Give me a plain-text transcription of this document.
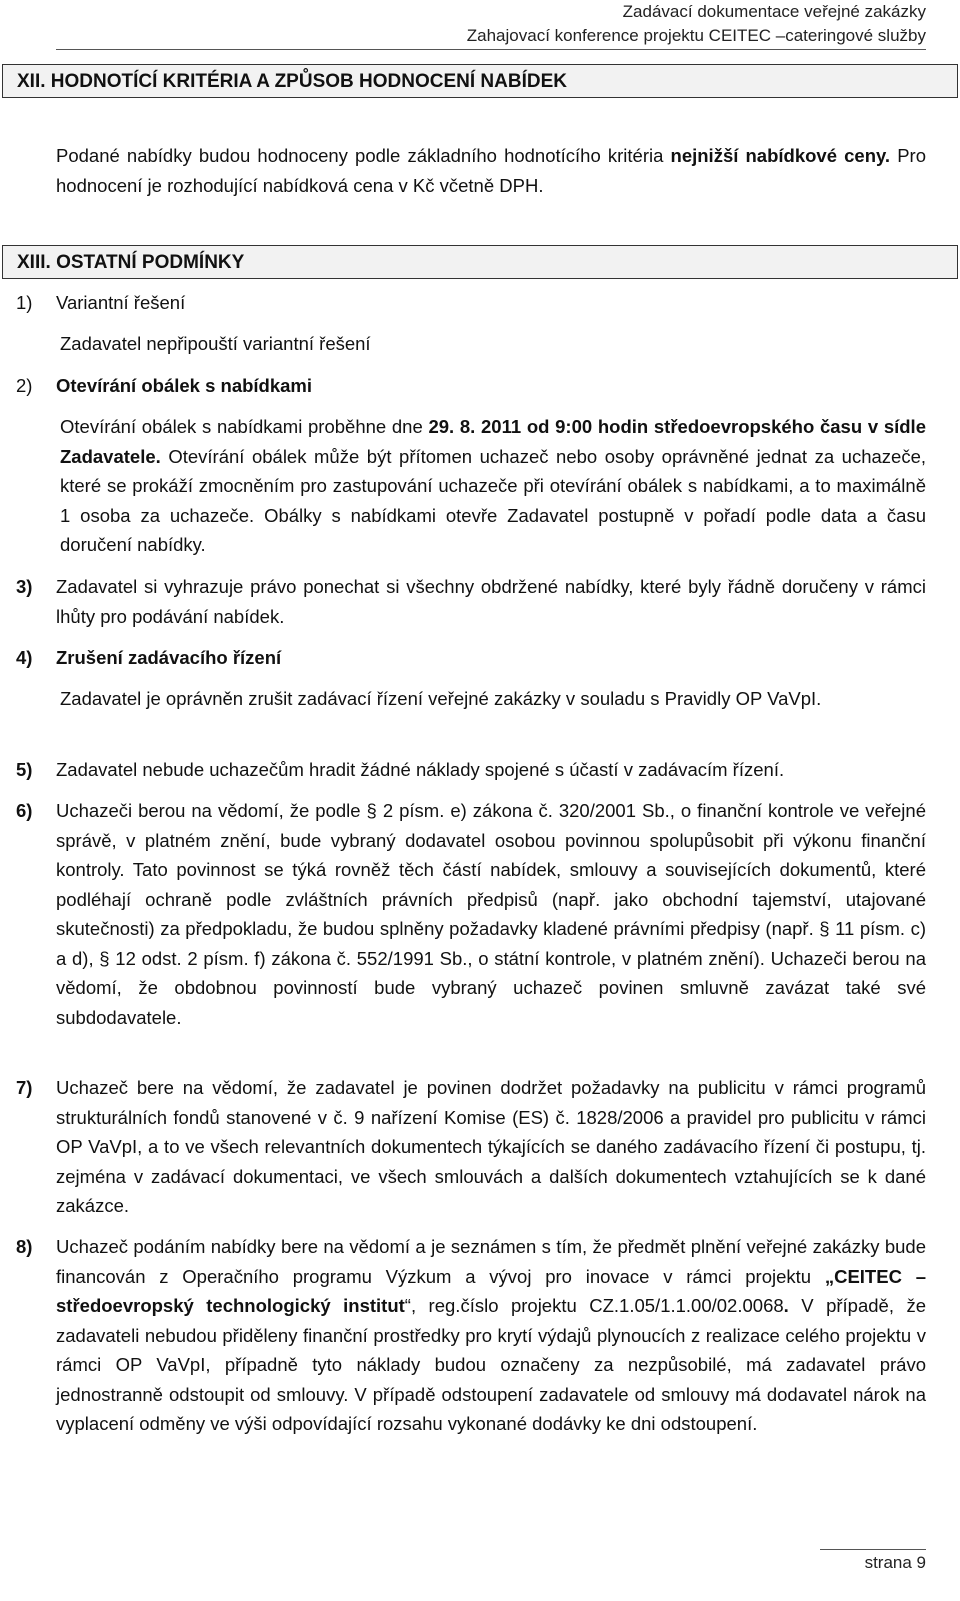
Zadávací dokumentace veřejné zakázky
Zahajovací konference projektu CEITEC –cateringové služby
XII. HODNOTÍCÍ KRITÉRIA A ZPŮSOB HODNOCENÍ NABÍDEK
Podané nabídky budou hodnoceny podle základního hodnotícího kritéria nejnižší nabídkové ceny. Pro hodnocení je rozhodující nabídková cena v Kč včetně DPH.
XIII. OSTATNÍ PODMÍNKY
1) Variantní řešení
Zadavatel nepřipouští variantní řešení
2) Otevírání obálek s nabídkami
Otevírání obálek s nabídkami proběhne dne 29. 8. 2011 od 9:00 hodin středoevropského času v sídle Zadavatele. Otevírání obálek může být přítomen uchazeč nebo osoby oprávněné jednat za uchazeče, které se prokáží zmocněním pro zastupování uchazeče při otevírání obálek s nabídkami, a to maximálně 1 osoba za uchazeče. Obálky s nabídkami otevře Zadavatel postupně v pořadí podle data a času doručení nabídky.
3) Zadavatel si vyhrazuje právo ponechat si všechny obdržené nabídky, které byly řádně doručeny v rámci lhůty pro podávání nabídek.
4) Zrušení zadávacího řízení
Zadavatel je oprávněn zrušit zadávací řízení veřejné zakázky v souladu s Pravidly OP VaVpI.
5) Zadavatel nebude uchazečům hradit žádné náklady spojené s účastí v zadávacím řízení.
6) Uchazeči berou na vědomí, že podle § 2 písm. e) zákona č. 320/2001 Sb., o finanční kontrole ve veřejné správě, v platném znění, bude vybraný dodavatel osobou povinnou spolupůsobit při výkonu finanční kontroly. Tato povinnost se týká rovněž těch částí nabídek, smlouvy a souvisejících dokumentů, které podléhají ochraně podle zvláštních právních předpisů (např. jako obchodní tajemství, utajované skutečnosti) za předpokladu, že budou splněny požadavky kladené právními předpisy (např. § 11 písm. c) a d), § 12 odst. 2 písm. f) zákona č. 552/1991 Sb., o státní kontrole, v platném znění). Uchazeči berou na vědomí, že obdobnou povinností bude vybraný uchazeč povinen smluvně zavázat také své subdodavatele.
7) Uchazeč bere na vědomí, že zadavatel je povinen dodržet požadavky na publicitu v rámci programů strukturálních fondů stanovené v č. 9 nařízení Komise (ES) č. 1828/2006 a pravidel pro publicitu v rámci OP VaVpI, a to ve všech relevantních dokumentech týkajících se daného zadávacího řízení či postupu, tj. zejména v zadávací dokumentaci, ve všech smlouvách a dalších dokumentech vztahujících se k dané zakázce.
8) Uchazeč podáním nabídky bere na vědomí a je seznámen s tím, že předmět plnění veřejné zakázky bude financován z Operačního programu Výzkum a vývoj pro inovace v rámci projektu „CEITEC – středoevropský technologický institut“, reg.číslo projektu CZ.1.05/1.1.00/02.0068. V případě, že zadavateli nebudou přiděleny finanční prostředky pro krytí výdajů plynoucích z realizace celého projektu v rámci OP VaVpI, případně tyto náklady budou označeny za nezpůsobilé, má zadavatel právo jednostranně odstoupit od smlouvy. V případě odstoupení zadavatele od smlouvy má dodavatel nárok na vyplacení odměny ve výši odpovídající rozsahu vykonané dodávky ke dni odstoupení.
strana 9
